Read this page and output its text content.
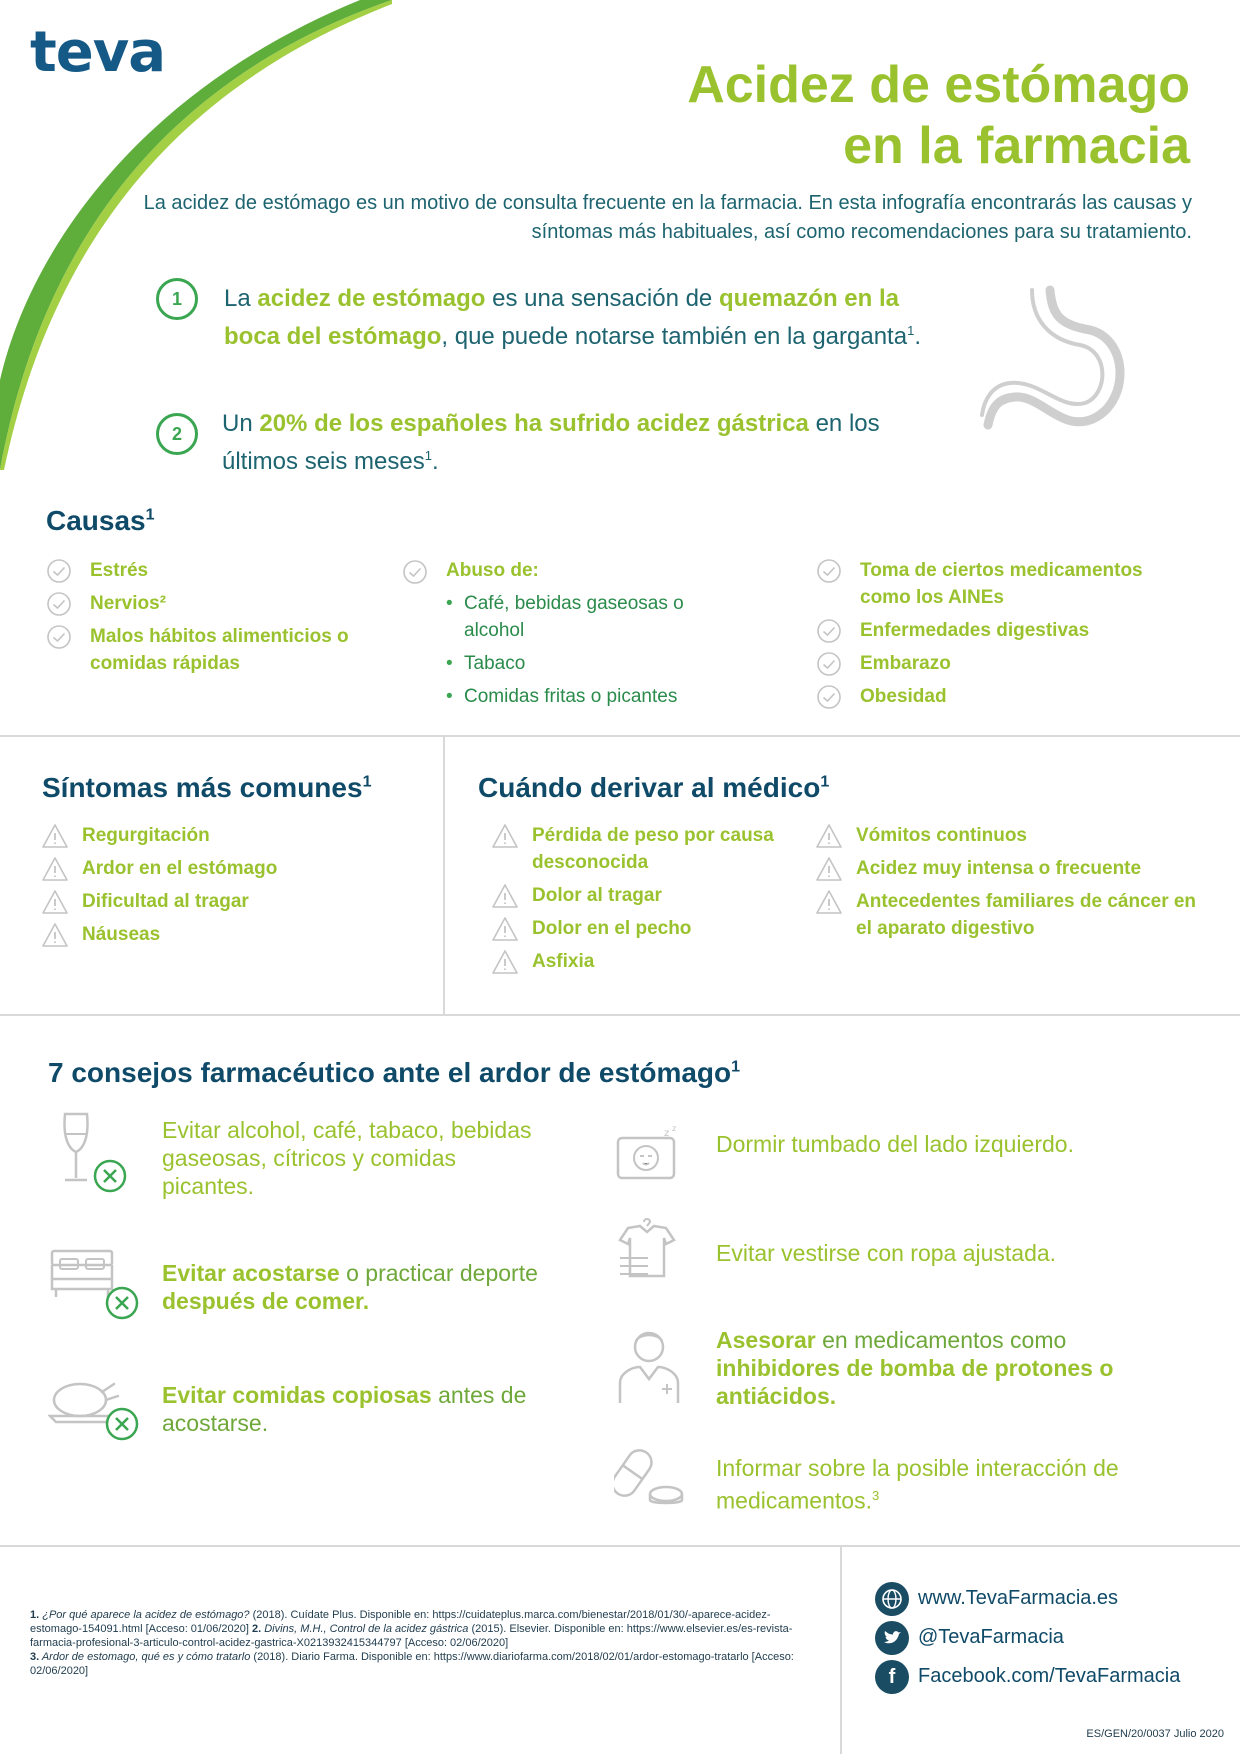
teva	Acidez de estómago
en la farmacia
La acidez de estómago es un motivo de consulta frecuente en la farmacia. En esta infografía encontrarás las causas y síntomas más habituales, así como recomendaciones para su tratamiento.
1	La acidez de estómago es una sensación de quemazón en la boca del estómago, que puede notarse también en la garganta$^1$.
2	Un 20% de los españoles ha sufrido acidez gástrica en los últimos seis meses$^1$.
Causas$^1$
Estrés
Nervios²
Malos hábitos alimenticios o comidas rápidas
Abuso de:
• Café, bebidas gaseosas o alcohol
• Tabaco
• Comidas fritas o picantes
Toma de ciertos medicamentos como los AINEs
Enfermedades digestivas
Embarazo
Obesidad
Síntomas más comunes$^1$
Regurgitación
Ardor en el estómago
Dificultad al tragar
Náuseas
Cuándo derivar al médico$^1$
Pérdida de peso por causa desconocida
Dolor al tragar
Dolor en el pecho
Asfixia
Vómitos continuos
Acidez muy intensa o frecuente
Antecedentes familiares de cáncer en el aparato digestivo
7 consejos farmacéutico ante el ardor de estómago$^1$
z z
Evitar alcohol, café, tabaco, bebidas gaseosas, cítricos y comidas picantes.
Evitar acostarse o practicar deporte después de comer.
Evitar comidas copiosas antes de acostarse.
Dormir tumbado del lado izquierdo.
Evitar vestirse con ropa ajustada.
Asesorar en medicamentos como inhibidores de bomba de protones o antiácidos.
Informar sobre la posible interacción de medicamentos.$^3$
1. ¿Por qué aparece la acidez de estómago? (2018). Cuídate Plus. Disponible en: https://cuidateplus.marca.com/bienestar/2018/01/30/-aparece-acidez-estomago-154091.html [Acceso: 01/06/2020] 2. Divins, M.H., Control de la acidez gástrica (2015). Elsevier. Disponible en: https://www.elsevier.es/es-revista-farmacia-profesional-3-articulo-control-acidez-gastrica-X0213932415344797 [Acceso: 02/06/2020]
3. Ardor de estomago, qué es y cómo tratarlo (2018). Diario Farma. Disponible en: https://www.diariofarma.com/2018/02/01/ardor-estomago-tratarlo [Acceso: 02/06/2020]
www.TevaFarmacia.es
@TevaFarmacia
f	Facebook.com/TevaFarmacia
ES/GEN/20/0037 Julio 2020
